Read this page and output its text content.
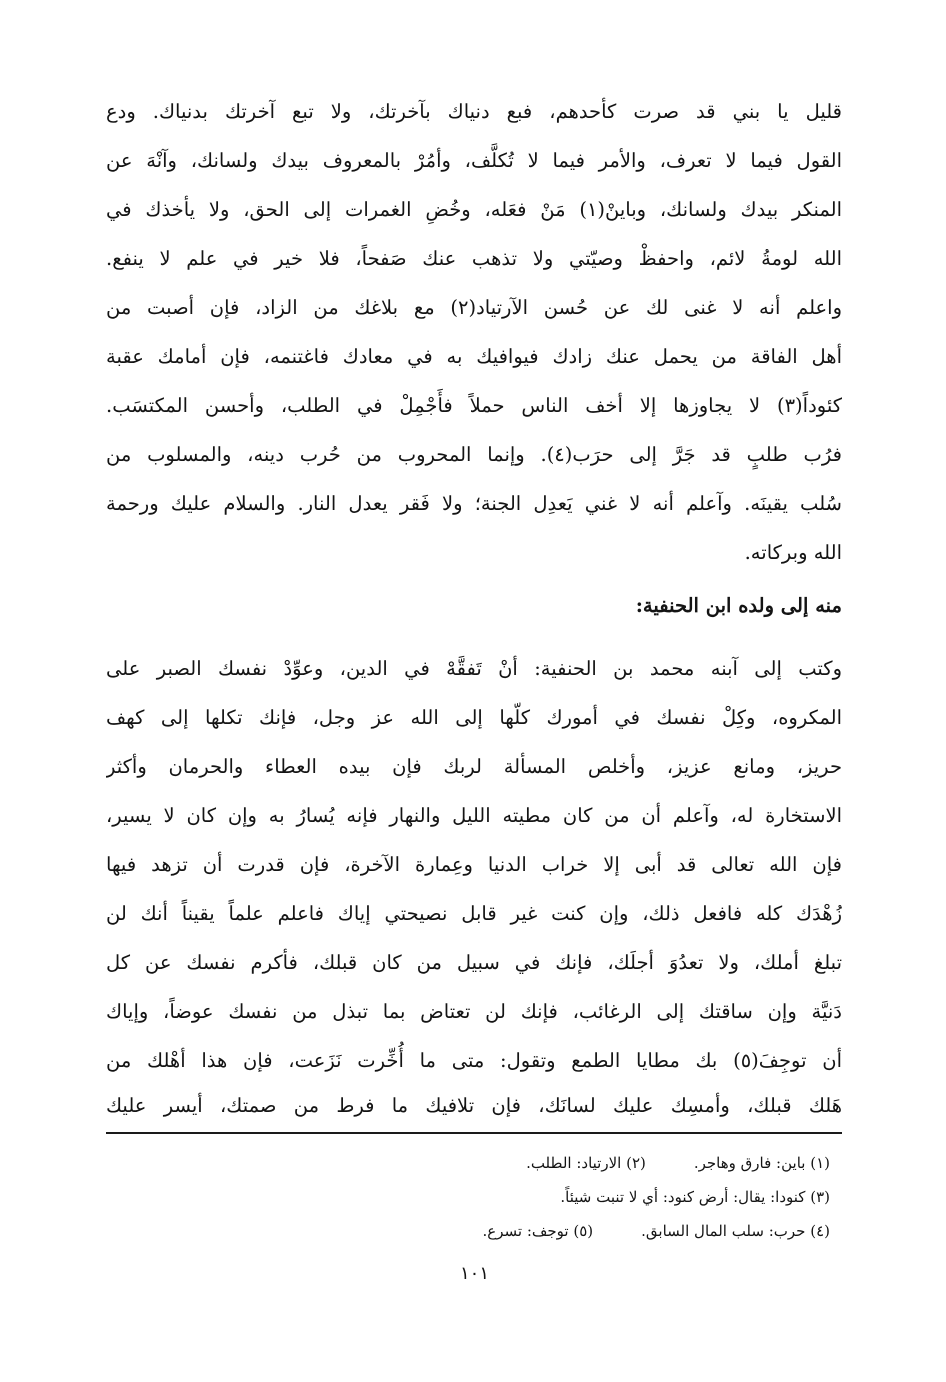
قليل يا بني قد صرت كأحدهم، فبع دنياك بآخرتك، ولا تبع آخرتك بدنياك. ودع
القول فيما لا تعرف، والأمر فيما لا تُكلَّف، وأمُرْ بالمعروف بيدك ولسانك، وآنْهَ عن
المنكر بيدك ولسانك، وباينْ(١) مَنْ فعَله، وخُضِ الغمرات إلى الحق، ولا يأخذك في
الله لومةُ لائم، واحفظْ وصيّتي ولا تذهب عنك صَفحاً، فلا خير في علم لا ينفع.
واعلم أنه لا غنى لك عن حُسن الآرتياد(٢) مع بلاغك من الزاد، فإن أصبت من
أهل الفاقة من يحمل عنك زادك فيوافيك به في معادك فاغتنمه، فإن أمامك عقبة
كئوداً(٣) لا يجاوزها إلا أخف الناس حملاً فأَجْمِلْ في الطلب، وأحسن المكتسَب.
فرُب طلبٍ قد جَرَّ إلى حرَب(٤). وإنما المحروب من حُرب دينه، والمسلوب من
سُلب يقينَه. وآعلم أنه لا غني يَعدِل الجنة؛ ولا فَقر يعدل النار. والسلام عليك ورحمة
الله وبركاته.
منه إلى ولده ابن الحنفية:
وكتب إلى آبنه محمد بن الحنفية: أنْ تَفقَّهْ في الدين، وعوِّدْ نفسك الصبر على
المكروه، وكِلْ نفسك في أمورك كلّها إلى الله عز وجل، فإنك تكلها إلى كهف
حريز، ومانع عزيز، وأخلص المسألة لربك فإن بيده العطاء والحرمان وأكثر
الاستخارة له، وآعلم أن من كان مطيته الليل والنهار فإنه يُسارُ به وإن كان لا يسير،
فإن الله تعالى قد أبى إلا خراب الدنيا وعِمارة الآخرة، فإن قدرت أن تزهد فيها
زُهْدَك كله فافعل ذلك، وإن كنت غير قابل نصيحتي إياك فاعلم علماً يقيناً أنك لن
تبلغ أملك، ولا تعدُوَ أجلَك، فإنك في سبيل من كان قبلك، فأكرم نفسك عن كل
دَنيَّة وإن ساقتك إلى الرغائب، فإنك لن تعتاض بما تبذل من نفسك عوضاً، وإياك
أن توجِفَ(٥) بك مطايا الطمع وتقول: متى ما أُخِّرت نَزَعت، فإن هذا أهْلك من
هَلك قبلك، وأمسِك عليك لسانَك، فإن تلافيك ما فرط من صمتك، أيسر عليك
(١) باين: فارق وهاجر.(٢) الارتياد: الطلب.
(٣) كنودا: يقال: أرض كنود: أي لا تنبت شيئاً.
(٤) حرب: سلب المال السابق.(٥) توجف: تسرع.
١٠١
